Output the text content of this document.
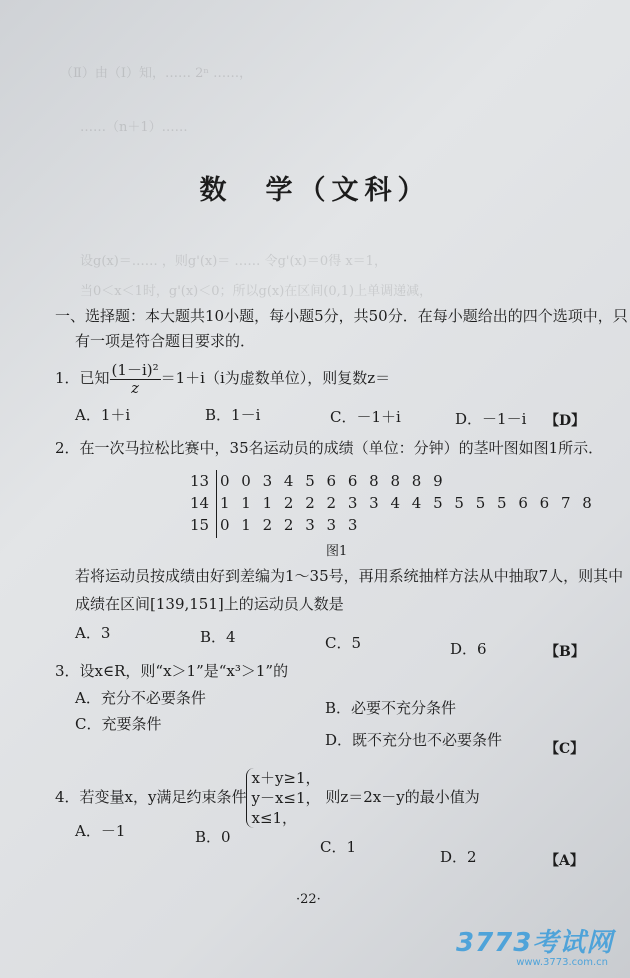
（Ⅱ）由（Ⅰ）知，…… 2ⁿ ……，
……（n＋1）……
设g(x)＝…… ，则g'(x)＝ …… 令g'(x)＝0得 x＝1，
当0＜x＜1时，g'(x)＜0；所以g(x)在区间(0,1)上单调递减，
数　学（文科）
一、选择题：本大题共10小题，每小题5分，共50分．在每小题给出的四个选项中，只
有一项是符合题目要求的．
1．已知 $\frac{\text{(1－i)²}}{z} =1+i(i$为虚数单位），则复数z＝
A．1＋i	B．1－i	C．－1＋i	D．－1－i 【D】
2．在一次马拉松比赛中，35名运动员的成绩（单位：分钟）的茎叶图如图1所示．
13 0 0 3 4 5 6 6 8 8 8 9
14 1 1 1 2 2 2 3 3 4 4 5 5 5 5 6 6 7 8
15 0 1 2 2 3 3 3
图1
若将运动员按成绩由好到差编为1～35号，再用系统抽样方法从中抽取7人，则其中
成绩在区间[139,151]上的运动员人数是
A．3	B．4	C．5	D．6	【B】
3．设x∈R，则“x＞1”是“x³＞1”的
A．充分不必要条件
B．必要不充分条件
C．充要条件
D．既不充分也不必要条件	【C】
4．若变量x，y满足约束条件
x＋y≥1，
y－x≤1，
x≤1，
则z＝2x－y的最小值为
A．－1	B．0
C．1
D．2	【A】
·22·
3773考试网
www.3773.com.cn
